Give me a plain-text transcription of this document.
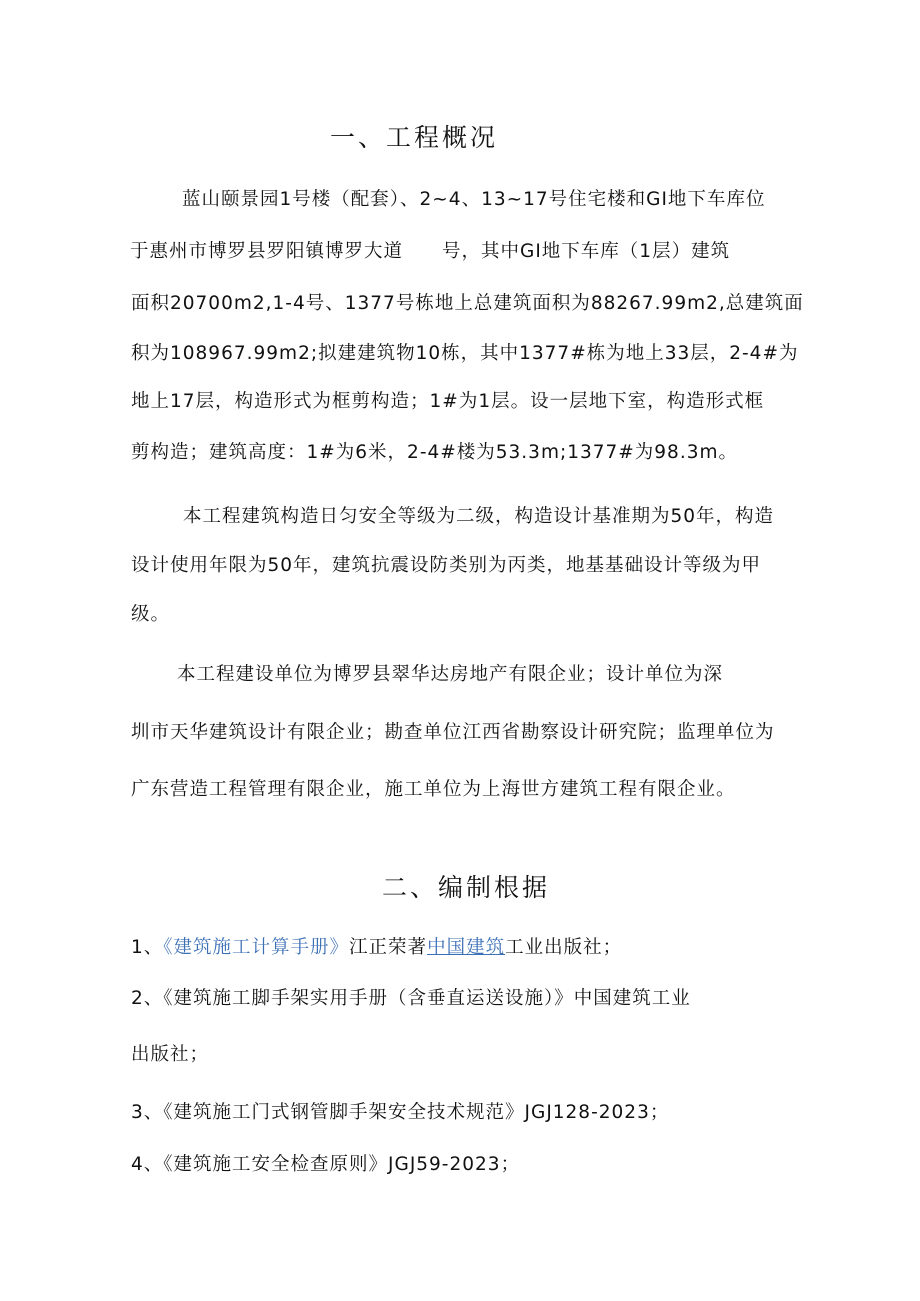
一、工程概况
蓝山颐景园1号楼（配套）、2~4、13~17号住宅楼和GI地下车库位
于惠州市博罗县罗阳镇博罗大道　　号，其中GI地下车库（1层）建筑
面积20700m2,1-4号、1377号栋地上总建筑面积为88267.99m2,总建筑面
积为108967.99m2;拟建建筑物10栋，其中1377#栋为地上33层，2-4#为
地上17层，构造形式为框剪构造；1#为1层。设一层地下室，构造形式框
剪构造；建筑高度：1#为6米，2-4#楼为53.3m;1377#为98.3m。
本工程建筑构造日匀安全等级为二级，构造设计基准期为50年，构造
设计使用年限为50年，建筑抗震设防类别为丙类，地基基础设计等级为甲
级。
本工程建设单位为博罗县翠华达房地产有限企业；设计单位为深
圳市天华建筑设计有限企业；勘查单位江西省勘察设计研究院；监理单位为
广东营造工程管理有限企业，施工单位为上海世方建筑工程有限企业。
二、编制根据
1、《建筑施工计算手册》江正荣著中国建筑工业出版社；
2、《建筑施工脚手架实用手册（含垂直运送设施）》中国建筑工业
出版社；
3、《建筑施工门式钢管脚手架安全技术规范》JGJ128-2023；
4、《建筑施工安全检查原则》JGJ59-2023；
